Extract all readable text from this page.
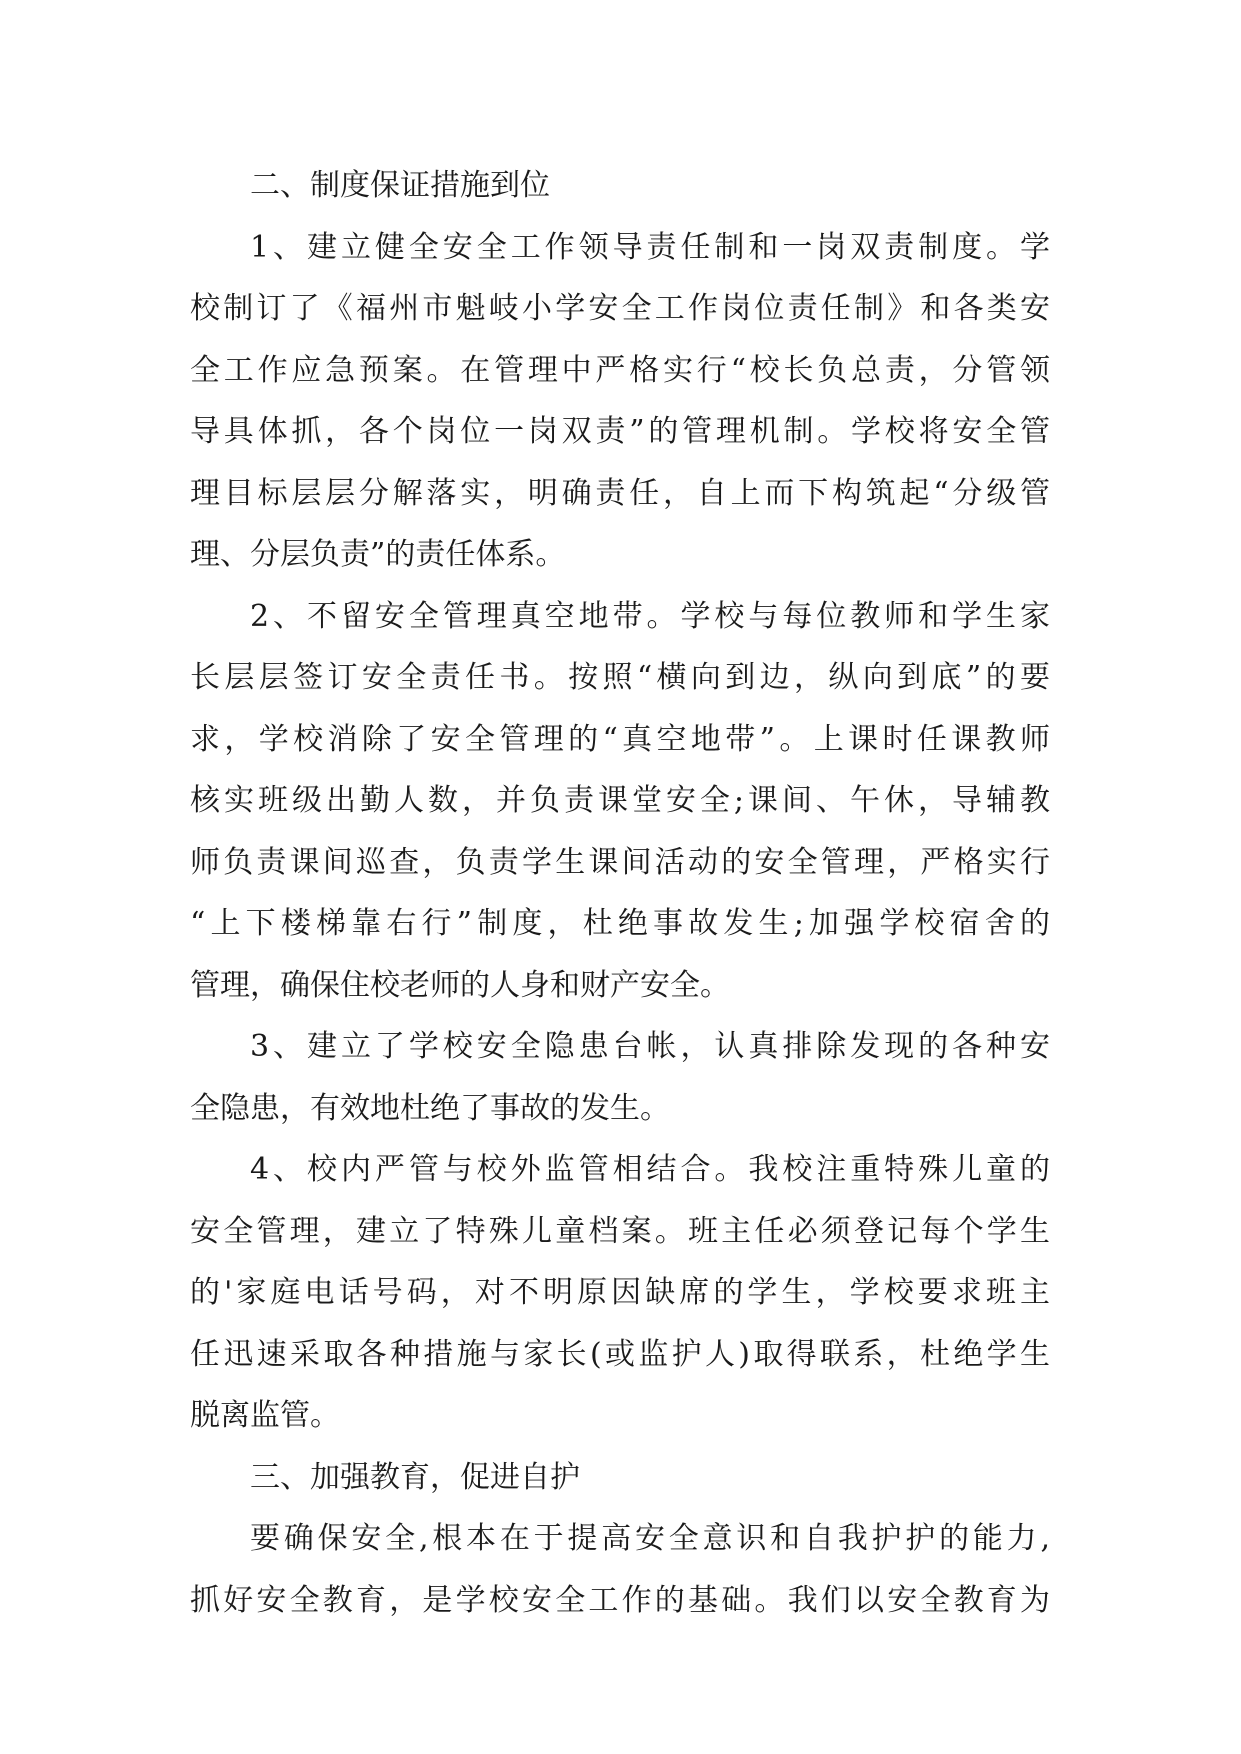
二、制度保证措施到位
1、建立健全安全工作领导责任制和一岗双责制度。学
校制订了《福州市魁岐小学安全工作岗位责任制》和各类安
全工作应急预案。在管理中严格实行“校长负总责，分管领
导具体抓，各个岗位一岗双责”的管理机制。学校将安全管
理目标层层分解落实，明确责任，自上而下构筑起“分级管
理、分层负责”的责任体系。
2、不留安全管理真空地带。学校与每位教师和学生家
长层层签订安全责任书。按照“横向到边，纵向到底”的要
求，学校消除了安全管理的“真空地带”。上课时任课教师
核实班级出勤人数，并负责课堂安全;课间、午休，导辅教
师负责课间巡查，负责学生课间活动的安全管理，严格实行
“上下楼梯靠右行”制度，杜绝事故发生;加强学校宿舍的
管理，确保住校老师的人身和财产安全。
3、建立了学校安全隐患台帐，认真排除发现的各种安
全隐患，有效地杜绝了事故的发生。
4、校内严管与校外监管相结合。我校注重特殊儿童的
安全管理，建立了特殊儿童档案。班主任必须登记每个学生
的'家庭电话号码，对不明原因缺席的学生，学校要求班主
任迅速采取各种措施与家长(或监护人)取得联系，杜绝学生
脱离监管。
三、加强教育，促进自护
要确保安全,根本在于提高安全意识和自我护护的能力,
抓好安全教育，是学校安全工作的基础。我们以安全教育为
